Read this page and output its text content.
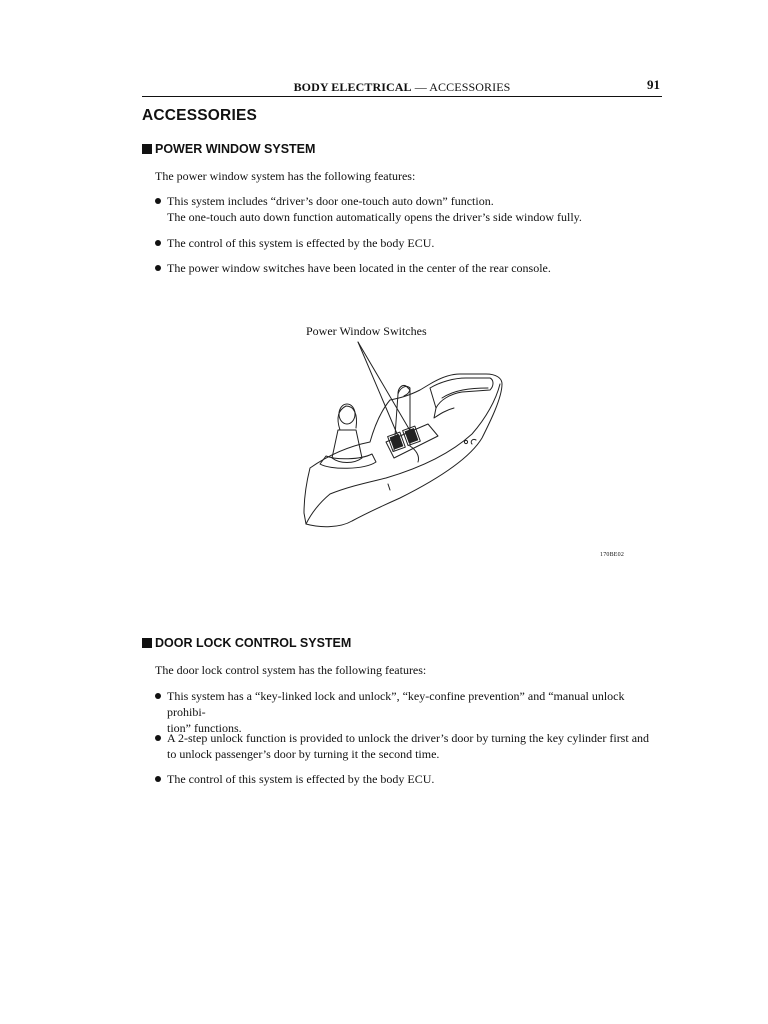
BODY ELECTRICAL — ACCESSORIES	91
ACCESSORIES
POWER WINDOW SYSTEM
The power window system has the following features:
This system includes “driver’s door one-touch auto down” function.
The one-touch auto down function automatically opens the driver’s side window fully.
The control of this system is effected by the body ECU.
The power window switches have been located in the center of the rear console.
Power Window Switches
170BE02
DOOR LOCK CONTROL SYSTEM
The door lock control system has the following features:
This system has a “key-linked lock and unlock”, “key-confine prevention” and “manual unlock prohibi-
tion” functions.
A 2-step unlock function is provided to unlock the driver’s door by turning the key cylinder first and
to unlock passenger’s door by turning it the second time.
The control of this system is effected by the body ECU.
